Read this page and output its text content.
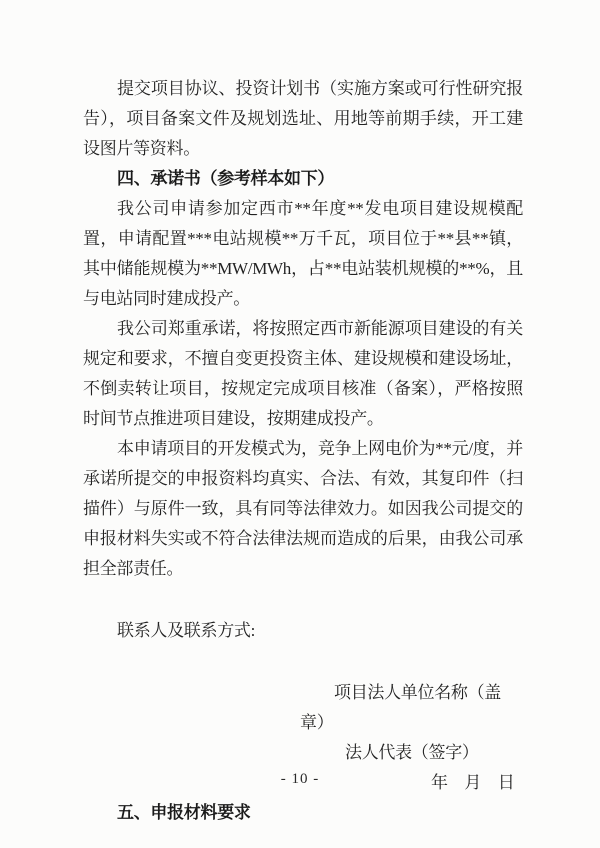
提交项目协议、投资计划书（实施方案或可行性研究报告），项目备案文件及规划选址、用地等前期手续，开工建设图片等资料。

四、承诺书（参考样本如下）

我公司申请参加定西市**年度**发电项目建设规模配置，申请配置***电站规模**万千瓦，项目位于**县**镇，其中储能规模为**MW/MWh，占**电站装机规模的**%，且与电站同时建成投产。

我公司郑重承诺，将按照定西市新能源项目建设的有关规定和要求，不擅自变更投资主体、建设规模和建设场址，不倒卖转让项目，按规定完成项目核准（备案），严格按照时间节点推进项目建设，按期建成投产。

本申请项目的开发模式为，竞争上网电价为**元/度，并承诺所提交的申报资料均真实、合法、有效，其复印件（扫描件）与原件一致，具有同等法律效力。如因我公司提交的申报材料失实或不符合法律法规而造成的后果，由我公司承担全部责任。

联系人及联系方式:

项目法人单位名称（盖章）

法人代表（签字）

年　月　日

五、申报材料要求
- 10 -
